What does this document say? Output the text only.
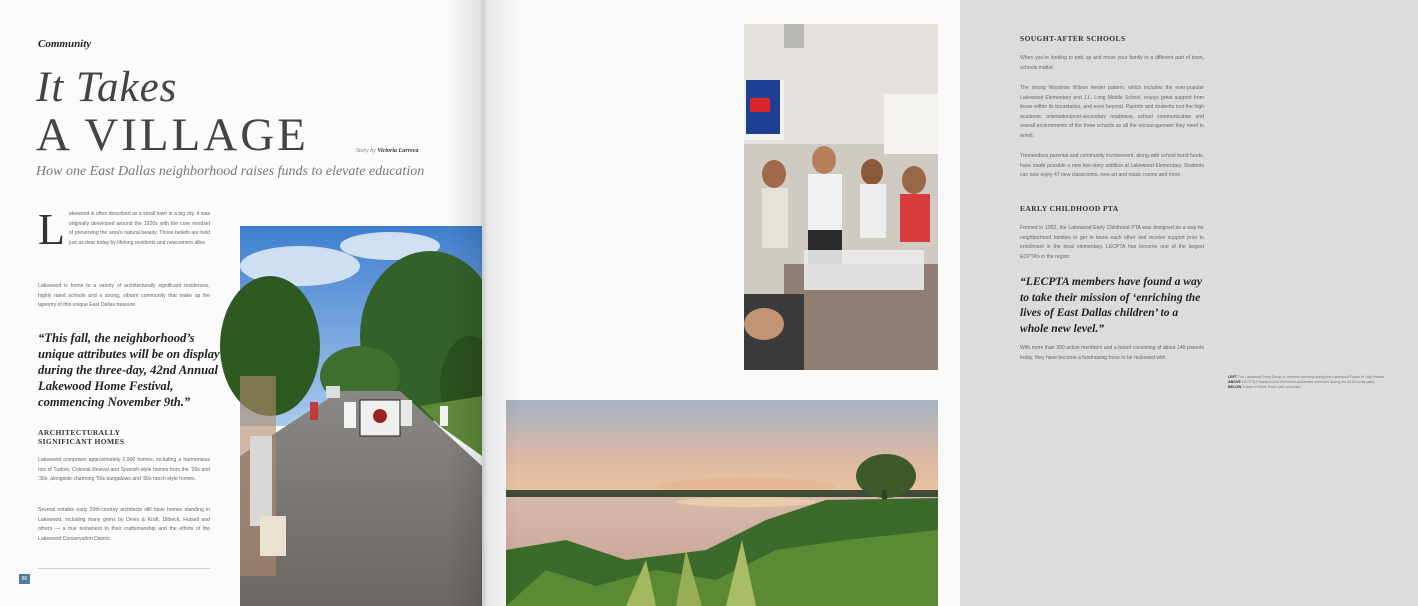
Community
It Takes
A VILLAGE	Story by Victoria Lurreca
How one East Dallas neighborhood raises funds to elevate education
L akewood is often described as a small town in a big city. It was originally developed around the 1920s with the core mindset of preserving the area's natural beauty. Those beliefs are held just as dear today by lifelong residents and newcomers alike.
Lakewood is home to a variety of architecturally significant residences, highly rated schools and a strong, vibrant community that make up the tapestry of this unique East Dallas treasure.
“This fall, the neighborhood’s unique attributes will be on display during the three-day, 42nd Annual Lakewood Home Festival, commencing November 9th.”
ARCHITECTURALLY
SIGNIFICANT HOMES
Lakewood comprises approximately 2,900 homes, including a harmonious mix of Tudors, Colonial Revival and Spanish-style homes from the ’20s and ’30s, alongside charming ’50s bungalows and ’60s ranch-style homes.
Several notable early 20th-century architects still have homes standing in Lakewood, including many gems by Dines & Kraft, Dilbeck, Hutsell and others — a true testament to their craftsmanship and the efforts of the Lakewood Conservation District.
86
SOUGHT-AFTER SCHOOLS
When you’re looking to pick up and move your family to a different part of town, schools matter.
The strong Woodrow Wilson feeder pattern, which includes the ever-popular Lakewood Elementary and J.L. Long Middle School, enjoys great support from those within its boundaries, and even beyond. Parents and students tout the high academic orientation/post-secondary readiness, school communication and overall environments of the three schools as all the encouragement they need to enroll.
Tremendous parental and community involvement, along with school bond funds, have made possible a new two-story addition at Lakewood Elementary. Students can now enjoy 47 new classrooms, new art and music rooms and more.
EARLY CHILDHOOD PTA
Formed in 1952, the Lakewood Early Childhood PTA was designed as a way for neighborhood families to get to know each other and receive support prior to enrollment in the local elementary. LECPTA has become one of the largest ECPTA’s in the region.
“LECPTA members have found a way to take their mission of ‘enriching the lives of East Dallas children’ to a whole new level.”
With more than 300 active members and a board consisting of about 140 parents today, they have become a fundraising force to be reckoned with.
LEFT The Lakewood Pony Group is revealed annually during the Lakewood Fourth of July Parade.
ABOVE LECPTA President Ana Whitcomb addresses members during the 2018 social party.
BELOW A view of White Rock Lake at sunset.
